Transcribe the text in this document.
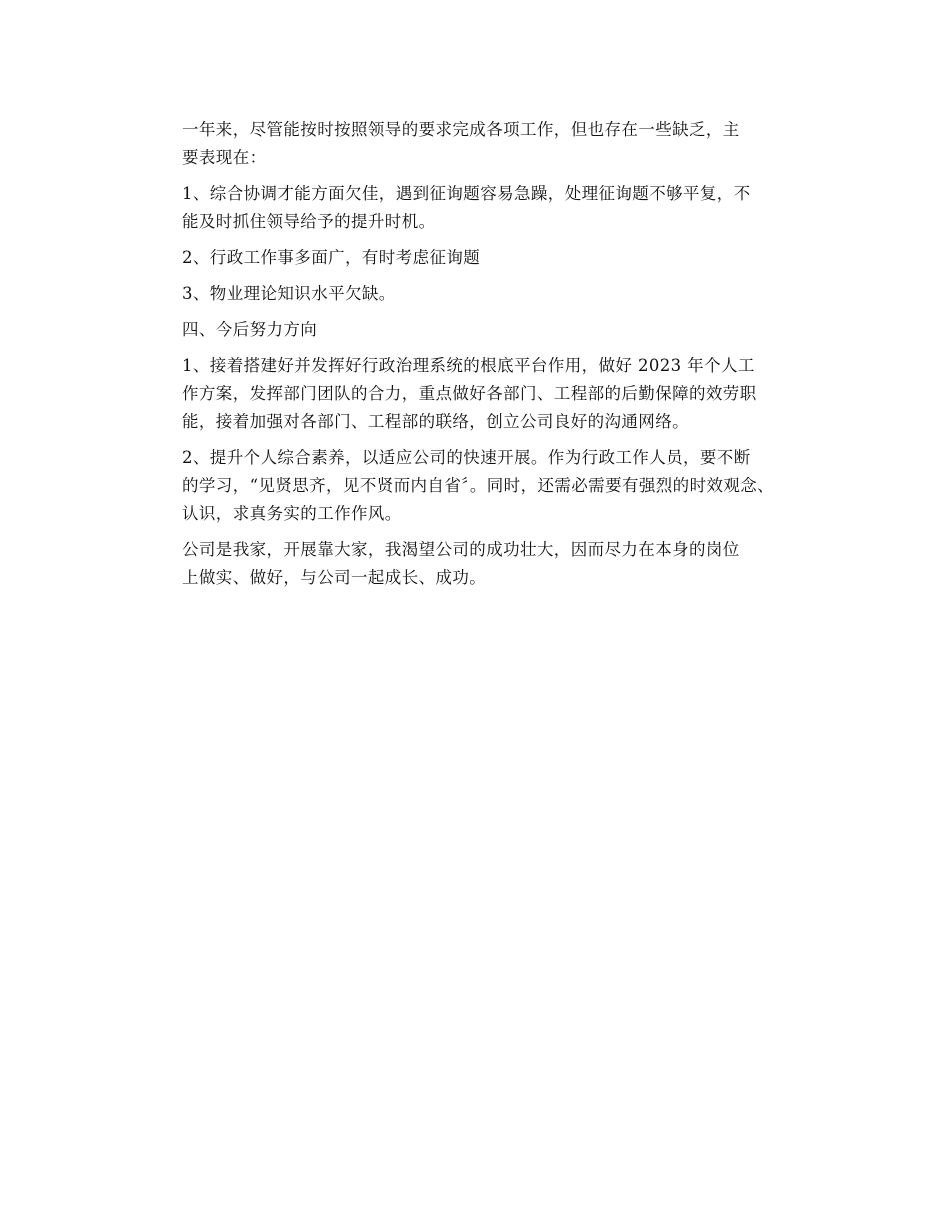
一年来，尽管能按时按照领导的要求完成各项工作，但也存在一些缺乏，主
要表现在：

1、综合协调才能方面欠佳，遇到征询题容易急躁，处理征询题不够平复，不
能及时抓住领导给予的提升时机。

2、行政工作事多面广，有时考虑征询题

3、物业理论知识水平欠缺。

四、今后努力方向

1、接着搭建好并发挥好行政治理系统的根底平台作用，做好 2023 年个人工
作方案，发挥部门团队的合力，重点做好各部门、工程部的后勤保障的效劳职
能，接着加强对各部门、工程部的联络，创立公司良好的沟通网络。

2、提升个人综合素养，以适应公司的快速开展。作为行政工作人员，要不断
的学习，“见贤思齐，见不贤而内自省〞。同时，还需必需要有强烈的时效观念、
认识，求真务实的工作作风。

公司是我家，开展靠大家，我渴望公司的成功壮大，因而尽力在本身的岗位
上做实、做好，与公司一起成长、成功。
